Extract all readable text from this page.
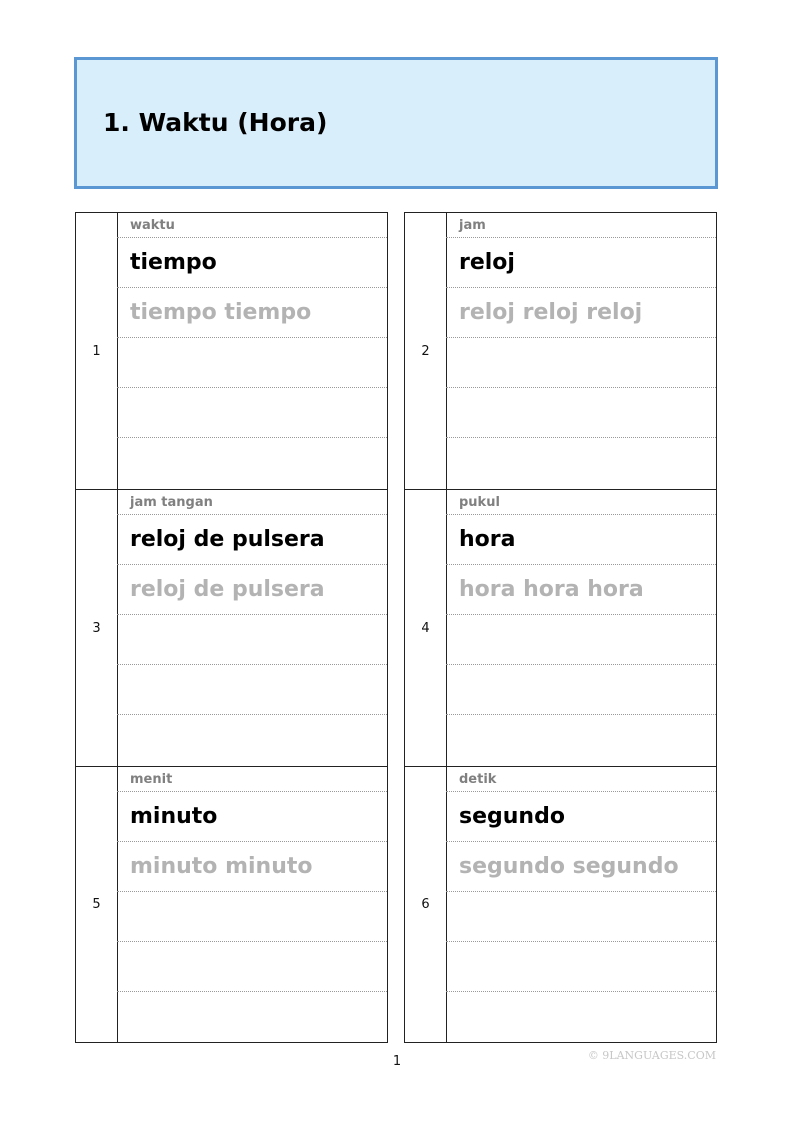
1. Waktu (Hora)
1
waktu
tiempo
tiempo tiempo
2
jam
reloj
reloj reloj reloj
3
jam tangan
reloj de pulsera
reloj de pulsera
4
pukul
hora
hora hora hora
5
menit
minuto
minuto minuto
6
detik
segundo
segundo segundo
1	© 9LANGUAGES.COM
